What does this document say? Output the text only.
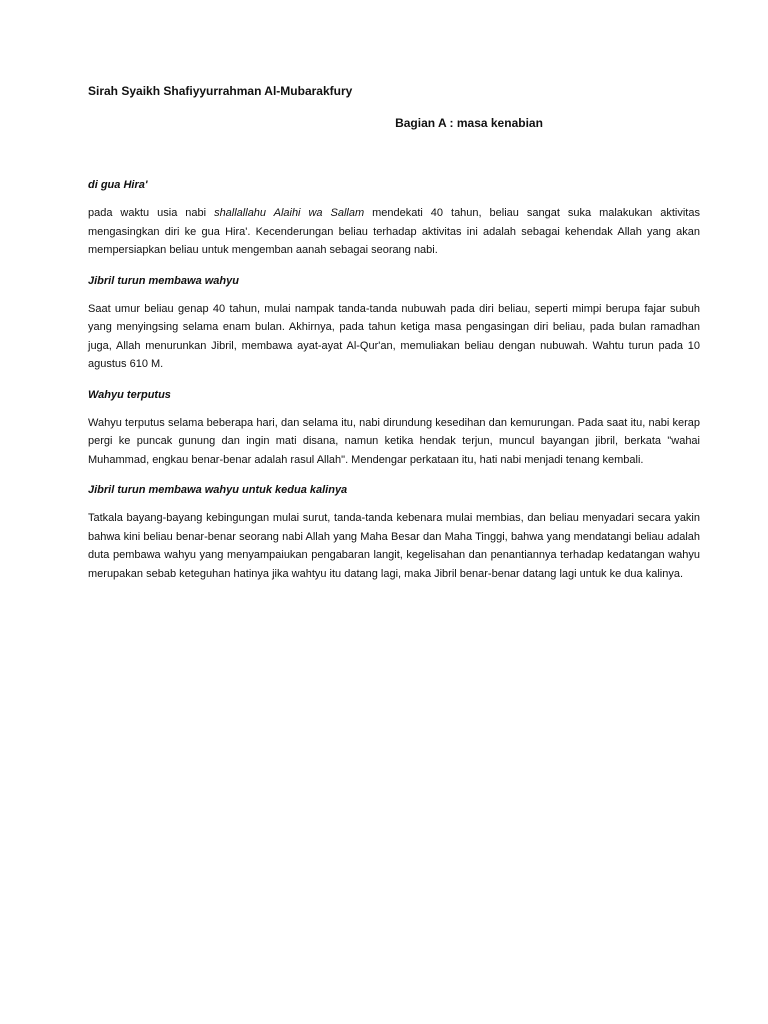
Sirah Syaikh Shafiyyurrahman Al-Mubarakfury

Bagian A : masa kenabian

di gua Hira'

pada waktu usia nabi shallallahu Alaihi wa Sallam mendekati 40 tahun, beliau sangat suka malakukan aktivitas mengasingkan diri ke gua Hira'. Kecenderungan beliau terhadap aktivitas ini adalah sebagai kehendak Allah yang akan mempersiapkan beliau untuk mengemban aanah sebagai seorang nabi.

Jibril turun membawa wahyu

Saat umur beliau genap 40 tahun, mulai nampak tanda-tanda nubuwah pada diri beliau, seperti mimpi berupa fajar subuh yang menyingsing selama enam bulan. Akhirnya, pada tahun ketiga masa pengasingan diri beliau, pada bulan ramadhan juga, Allah menurunkan Jibril, membawa ayat-ayat Al-Qur'an, memuliakan beliau dengan nubuwah. Wahtu turun pada 10 agustus 610 M.

Wahyu terputus

Wahyu terputus selama beberapa hari, dan selama itu, nabi dirundung kesedihan dan kemurungan. Pada saat itu, nabi kerap pergi ke puncak gunung dan ingin mati disana, namun ketika hendak terjun, muncul bayangan jibril, berkata "wahai Muhammad, engkau benar-benar adalah rasul Allah". Mendengar perkataan itu, hati nabi menjadi tenang kembali.

Jibril turun membawa wahyu untuk kedua kalinya

Tatkala bayang-bayang kebingungan mulai surut, tanda-tanda kebenara mulai membias, dan beliau menyadari secara yakin bahwa kini beliau benar-benar seorang nabi Allah yang Maha Besar dan Maha Tinggi, bahwa yang mendatangi beliau adalah duta pembawa wahyu yang menyampaiukan pengabaran langit, kegelisahan dan penantiannya terhadap kedatangan wahyu merupakan sebab keteguhan hatinya jika wahtyu itu datang lagi, maka Jibril benar-benar datang lagi untuk ke dua kalinya.
